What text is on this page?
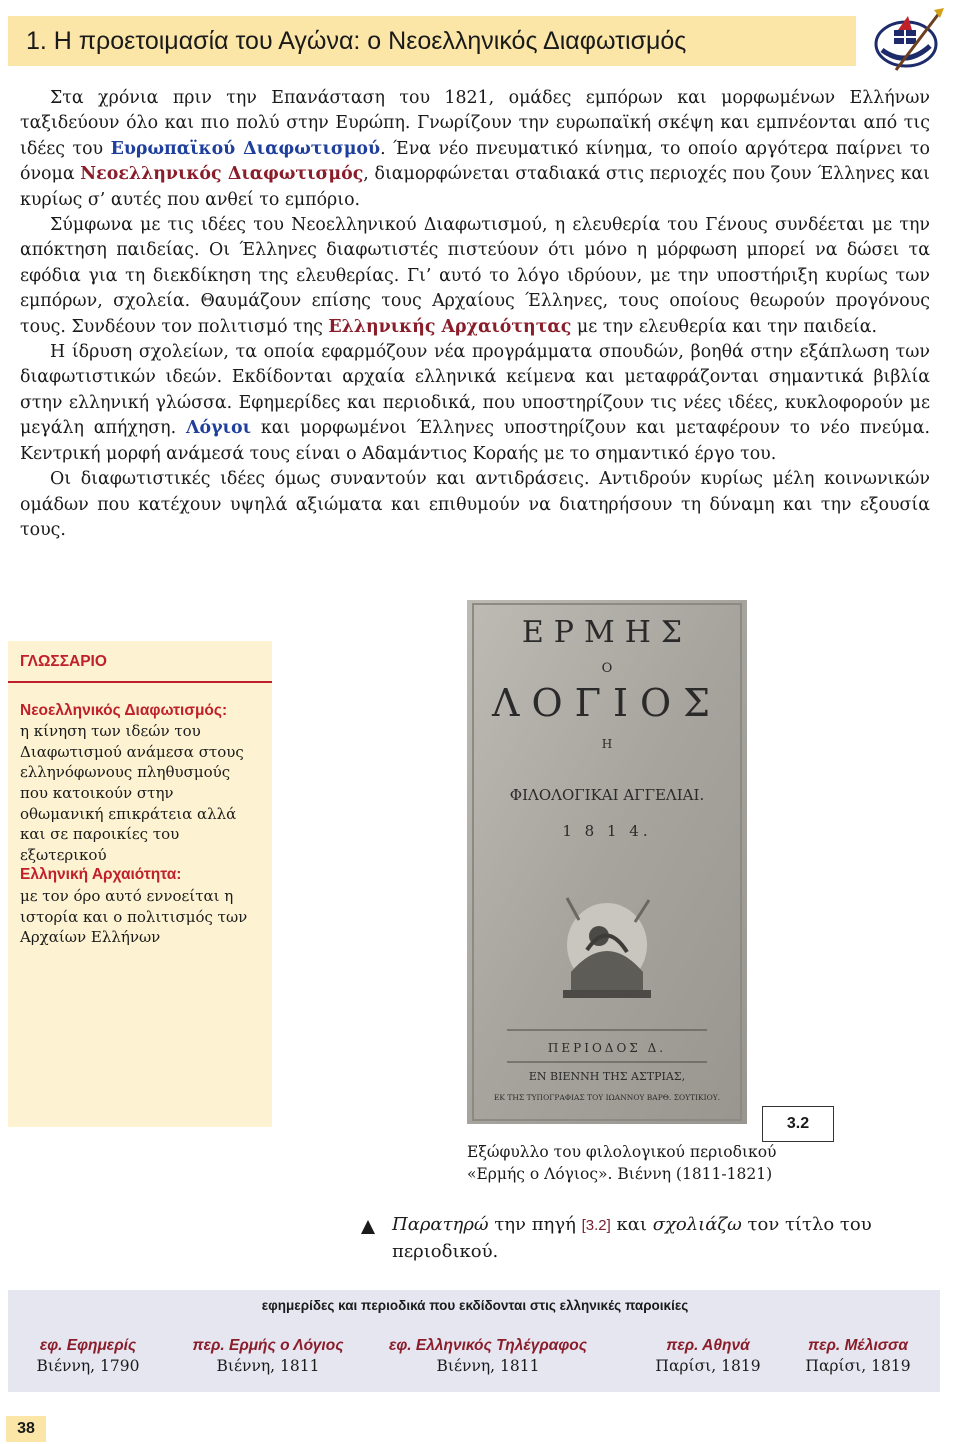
1. Η προετοιμασία του Αγώνα: ο Νεοελληνικός Διαφωτισμός

Στα χρόνια πριν την Επανάσταση του 1821, ομάδες εμπόρων και μορφωμένων Ελλήνων ταξιδεύουν όλο και πιο πολύ στην Ευρώπη. Γνωρίζουν την ευρωπαϊκή σκέψη και εμπνέονται από τις ιδέες του Ευρωπαϊκού Διαφωτισμού. Ένα νέο πνευματικό κίνημα, το οποίο αργότερα παίρνει το όνομα Νεοελληνικός Διαφωτισμός, διαμορφώνεται σταδιακά στις περιοχές που ζουν Έλληνες και κυρίως σ’ αυτές που ανθεί το εμπόριο.

Σύμφωνα με τις ιδέες του Νεοελληνικού Διαφωτισμού, η ελευθερία του Γένους συνδέεται με την απόκτηση παιδείας. Οι Έλληνες διαφωτιστές πιστεύουν ότι μόνο η μόρφωση μπορεί να δώσει τα εφόδια για τη διεκδίκηση της ελευθερίας. Γι’ αυτό το λόγο ιδρύουν, με την υποστήριξη κυρίως των εμπόρων, σχολεία. Θαυμάζουν επίσης τους Αρχαίους Έλληνες, τους οποίους θεωρούν προγόνους τους. Συνδέουν τον πολιτισμό της Ελληνικής Αρχαιότητας με την ελευθερία και την παιδεία.

Η ίδρυση σχολείων, τα οποία εφαρμόζουν νέα προγράμματα σπουδών, βοηθά στην εξάπλωση των διαφωτιστικών ιδεών. Εκδίδονται αρχαία ελληνικά κείμενα και μεταφράζονται σημαντικά βιβλία στην ελληνική γλώσσα. Εφημερίδες και περιοδικά, που υποστηρίζουν τις νέες ιδέες, κυκλοφορούν με μεγάλη απήχηση. Λόγιοι και μορφωμένοι Έλληνες υποστηρίζουν και μεταφέρουν το νέο πνεύμα. Κεντρική μορφή ανάμεσά τους είναι ο Αδαμάντιος Κοραής με το σημαντικό έργο του.

Οι διαφωτιστικές ιδέες όμως συναντούν και αντιδράσεις. Αντιδρούν κυρίως μέλη κοινωνικών ομάδων που κατέχουν υψηλά αξιώματα και επιθυμούν να διατηρήσουν τη δύναμη και την εξουσία τους.

ΓΛΩΣΣΑΡΙΟ
Νεοελληνικός Διαφωτισμός:
η κίνηση των ιδεών του Διαφωτισμού ανάμεσα στους ελληνόφωνους πληθυσμούς που κατοικούν στην οθωμανική επικράτεια αλλά και σε παροικίες του εξωτερικού
Ελληνική Αρχαιότητα:
με τον όρο αυτό εννοείται η ιστορία και ο πολιτισμός των Αρχαίων Ελλήνων
ΕΡΜΗΣ
Ο
ΛΟΓΙΟΣ
Η
ΦΙΛΟΛΟΓΙΚΑΙ ΑΓΓΕΛΙΑΙ.
1 8 1 4.
ΠΕΡΙΟΔΟΣ Δ.
ΕΝ ΒΙΕΝΝΗ ΤΗΣ ΑΣΤΡΙΑΣ,
ΕΚ ΤΗΣ ΤΥΠΟΓΡΑΦΙΑΣ ΤΟΥ ΙΩΑΝΝΟΥ ΒΑΡΘ. ΣΟΥΤΙΚΙΟΥ.
3.2
Εξώφυλλο του φιλολογικού περιοδικού «Ερμής ο Λόγιος». Βιέννη (1811-1821)
Παρατηρώ την πηγή [3.2] και σχολιάζω τον τίτλο του περιοδικού.
εφημερίδες και περιοδικά που εκδίδονται στις ελληνικές παροικίες
εφ. Εφημερίς
Βιέννη, 1790
περ. Ερμής ο Λόγιος
Βιέννη, 1811
εφ. Ελληνικός Τηλέγραφος
Βιέννη, 1811
περ. Αθηνά
Παρίσι, 1819
περ. Μέλισσα
Παρίσι, 1819
38
